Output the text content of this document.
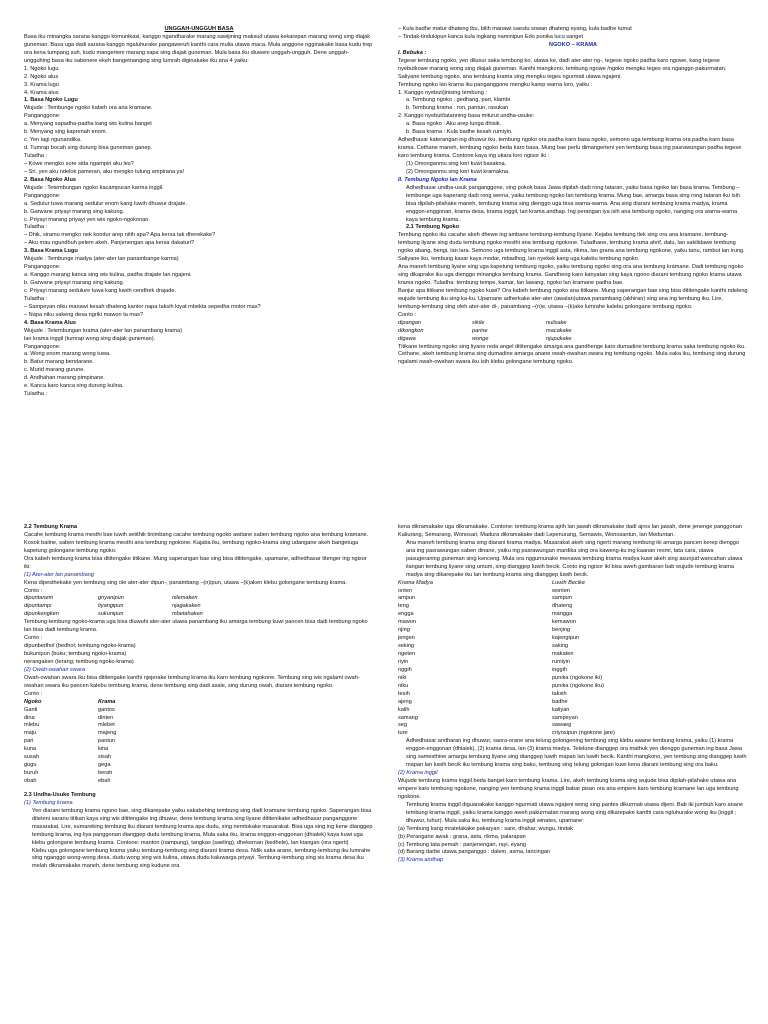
UNGGAH-UNGGUH BASA

Basa iku minangka sarana kanggo komunikasi, kanggo ngandharake marang sawijining maksud utawa kekarepan marang wong sing diajak guneman. Basa uga dadi sarana kanggo ngaluhurake pangaweruh kanthi cara mulia utawa maca. Mula anggone ngginakake basa kudu trep ora kena tumpang suh, kudu mangerteni marang sapa sing diajak guneman. Mula basa iku diuweni unggah-ungguh. Dene unggah-ungguhing basa iku sabenere ekeh bangetnanging sing lumrah diginakake iku ana 4 yaiku:

1. Ngoko lugu
2. Ngoko alus
3. Krama lugu
4. Krama alus
1. Basa Ngoko Lugu
Wujude : Tembunge ngoko kabeh ora ana kramane.
Panganggone:
a. Menyang sapadha-padha kang wis kulina banget
b. Menyang sing kaprenah enom.
c. Yen lagi ngunandika.
d. Tumrap bocah sing durung bisa guneman ganep.
Tuladha :
– Kowe mengko sore sida ngampiri aku les?
– Sri, yen aku ndelok pameran, aku mengko tulung ampirana ya!
2. Basa Ngoko Alus
Wujude : Tetembungan ngoko kacampuran karma inggil.
Panganggone:
a. Sedulur tuwa marang sedulur enom kang luwih dhuwur drajate.
b. Garwane priyayi marang sing kakung.
c. Priyayi marang priyayi yen wis ngoko-ngokonan.
Tuladha :
– Dhik, siramu mengko nek kondur arep nitih apa? Apa kersa tak dherekake?
– Aku mau ngundhuh pelem akeh, Panjenengan apa kersa dakaturi?
3. Basa Krama Lugu
Wujude : Tembunge madya (ater-ater lan panambange karma)
Panganggone:
a. Kanggo marang kanca sing wis kulina, padha drajate lan ngajeni.
b. Garwane priyayi marang sing kakung.
c. Priyayi marang sedulure tuwa kang luwih cendhek drajade.
Tuladha :
– Sampeyan niku manawi kesah dhateng kantor napa taksih kiyat mbekta sepedha motor mas?
– Napa niku sakeng desa ngriki mawon ta mas?
4. Basa Krama Alus
Wujude : Tetembungan krama (ater-ater lan panambang krama)
lan krama inggil (tumrap wong sing diajak guneman).
Panganggone:
a. Wong enom marang wong tuwa.
b. Batur marang bendarane.
c. Murid marang gurune.
d. Andhahan marang pimpinane.
e. Kanca karo kanca sing durung kulina.
Tuladha :
– Kula badhe matur dhateng ibu, bilih manawi saestu sowan dhateng eyang, kula badhe tumut
– Tindak-tindukipun kanca kula ingkang naminipun Edo punika lucu sanget
NGOKO – KRAMA
I. Bebuka :

Tegese tembung ngoko, yen dilusur saka tembung ko, utawa ke, dadi ater-ater ng-, tegese ngoko padha karo ngowe, kang tegese nyebutkowe marang wong sing diajak guneman. Kanthi mangkono, tembung ngowe /ngoko mengku teges ora nganggo pakurmatan.

Saliyane tembung ngoko, ana tembung krama sing mengku teges ngurmati utawa ngajeni.

Tembung ngoko lan krama iku panganggone mengku karep warna loro, yaiku :

1. Kanggo nyebut/jinising tembung :
a. Tembung ngoko : gedhang, pari, klambi
b. Tembung krama : ron, pantun, rasukan
2. Kanggo nyebut/tatanning basa miturut undha-usuke:
a. Basa ngoko : Aku arep lunga dhisik.
b. Basa krama : Kula badhe kesah rumiyin.

Adhedhasar katerangan ing dhuwur iku, tembung ngoko ora padha karo basa ngoko, semono uga tembung krama ora padha karo basa krama. Cethane maneh, tembung ngoko beda karo basa. Mung bae perlu dimangerteni yen tembung basa ing pasrawungan padha tegese karo tembung krama. Contone kaya ing ukara loro ngisor iki :

(1) Omonganmu sing keri kuwi basakna.
(2) Omonganmu sing keri kuwi kramakna.
II. Tembung Ngoko lan Krama

Adhedhasar undha-usuk panganggone, sing pokok basa Jawa dipilah dadi rong tataran, yaiku basa ngoko lan basa krama. Tembung – tembunge uga kaperang dadi rong werna, yaiku tembung ngoko lan tembung krama. Mung bae, amarga basa sing rong tataran iku isih bisa dipilah-pilahake maneh, tembung krama sing dienggo uga bisa warna-warna. Ana sing diarani tembung krama madya, krama enggon-enggonan, krama desa, krama inggil, lan krama andhap. Ing perangan iya isih ana tembung ngoko, nanging ora warna-warna kaya tembung krama .

2.1 Tembung Ngoko

Tembung ngoko iku cacahe akeh dhewe ing ambane tembung-tembung liyane. Kejaba tembung tlek sing ora ana kramane, tembung-tembung liyane sing dudu tembung ngoko mesthi ana tembung ngokone. Tuladhane, tembung krama ahrif, dalu, lan sakilidawe tembung ngoko abang, bengi, lan lara. Semono uga tembung krama inggil asta, rikma, lan grana ana tembung ngokone, yaiku tanu, rambut lan irung. Saliyane iku, tembung kasar kaya modar, mbadhog, lan nyekek kang uga kalebu tembung ngoko.

Ana maneh tembung liyane sing uga kapetung tembung ngoko, yaiku tembung ngoko sing ora ana tembung kramane. Dadi tembung ngoko sing dikaprake iku uga dienggo minangka tembung krama. Gandheng karo kanyatan sing kaya ngono diarani tembung ngoko krama utawa krama ngoko. Tuladha: tembung tempe, kamar, lan lawang, ngoko lan kramane padha bae.

Banjur apa titikane tembung ngoko kuwi? Ora kabeh tembung ngoko ana titikane. Mung saperangan bae sing bisa dititengake kanthi ndeleng wujude tembung iku sing ka-ku. Upamane adherkake ater-ater (awalan)utawa panambang (akhiran) sing ana ing tembung iku. Lire, tembung-tembung sing oleh ater-ater di-, panambang –(n)e, utawa –(k)ake lumrahe kalebu golongane tembung ngoko.

Conto :
dipangan	sikile	nulisake
dikongkon	parine	macakake
digawa	wonge	njupukake

Titikane tembung ngoko sing liyane reda angel dititengake amarga ana gandhenge karo dumadine tembung krama saka tembung ngoko iku. Cethane, akeh tembung krama sing dumadine amarga anane owah-owahan swara ing tembung ngoko. Mula saka iku, tembung sing durung ngalami owah-owahan swara iku isih klebu golongane tembung ngoko.

2.2 Tembung Krama

Cacahe tembung krama mesthi bae luwih setithik tinimbang cacahe tembung ngoko awitane saben tembung ngoko ana tembung kramane. Kosok baline, saben tembung krama mesthi ana tembung ngokone. Kajaba iku, tembung ngoko-krama sing udangane akeh bangetuga kapetung golongane tembung ngoko.

Ora kabeh tembung krama bisa dititengake titikane. Mung saperangan bae sing bisa dititengake, upamane, adhedhasar titenger ing ngisor iki:

(1) Ater-ater lan panambang

Kena dipesthekake yen tembung sing ole ater-ater dipun-, panambang –(n)ipun, utawa –(k)aken klebu golongane tembung krama.

Conto :
dipuntanem	griyanipun	nilemaken
dipuntampi	tiyangipun	njagakaken
dipunkengken	sukunipun	mbetahaken

Tembung-tembung ngoko-krama uga bisa diuwuhi ater-ater utawa panambang iku amarga tembung kuwi pancen bisa dadi tembung ngoko lan bisa dadi tembung krama.

Conto :
dipunbedhol (bedhol; tembung ngoko-krama)
bukunipun (buku; tembung ngoko-krama)
nerangaken (terang; tembung ngoko-krama)
(2) Owah-owahan swara

Owah-owahan swara iku bisa dititengake kanthi njejerake tembung krama iku karo tembung ngokone. Tembung sing wis ngalami owah-owahan swara iku pancen kalebu tembung krama, dene tembung sing dadi asale, sing durung owah, diarani tembung ngoko.

Conto :
Ngoko	Krama
Ganti	gantos
dina	dinten
mlebu	mlebet
maju	majeng
pari	pantun
kuna	kina
susah	sisah
gugu	gega
buruh	berah
obah	ebah
2.3 Undha-Usuke Tembung
(1) Tembung krama

Yen diarani tembung krama ngono bae, sing dikarepake yaiku sakabehing tembung sing dadi kramane tembung ngoko. Saperangan bisa diteteni saranu titikan kaya sing wis dititengake ing dhuwur, dene tembung krama sing liyane dititenikake adhedhasar panganggone masarakat. Lire, sumarebing tembung iku diarani tembung krama apa dudu, sing nemtokake masarakat. Bisa uga sing ing kene dianggep tembung krama, ing liya panggonan dianggep dudu tembung krama. Mula saka iku, krama enggon-enggonan (dhialek) kaya kuwi uga klebu golongane tembung krama. Contone: manton (nampung), tangkas (saeling), dhekeman (kedhele), lan kiangan (ora ngerti)

Klebu uga golongane tembung krama yaiku tembung-tembung sing diarani krama desa. Ndik saka arane, tembung-tembung iku lumrahe sing nganggo wong-wong desa, dudu wong sing wis kulina, utawa dudu kaluwarga priyayi. Tembung-tembung sing sis krama desa iku melah dikramakake maneh, dene tembung sing kudune ora

kena dikramakake uga dikramakake. Contone: tembung krama ajrih lan jawah dikramakake dadi ajros lan jawah, dene jenenge panggonan Kaliurang, Semarang, Wonosari, Madura dikramakake dadi Lepenurang, Semawis, Wonosantun, lan Meduntan.

Ana maneh tembung krama sing diarani krama madya. Masarakat akeh sing ngerti marang tembung iki amarga pancen kerep dienggo ana ing pasrawungan saben dinane, yaiku ing pasrawungan mardika sing ora kaweng-ku ing kaanan resmi, tata cara, utawa pasugeraning guneman sing kenceng. Mula ora nggumunake menawa tembung krama madya kuwi akeh sing asunjud wancahan utawa ilangan tembung liyane sing umum, sing dianggep luwih becik. Conto ing ngisor iki bisa aweh gambaran bab wujude tembung krama madya sing dikarepake iku lan tembung krama sing dianggep luwih becik.

Krama Madya	Luwih Becike
onten	wonten
ampun	sampun
teng	dhateng
engga	mangga
mawon	kemawon
njing	benjing
jengen	kajengipun
seking	saking
ngeten	makaten
riyin	rumiyin
nggih	inggih
niki	punika (ngokone iki)
niku	punika (ngokone iku)
tesih	taksih
ajeng	badhe
kalih	kaliyan
samang	sampeyan
seg	sawaeg
ture	criyosipun (ngokone jare)

Adhedhasar andharan ing dhuwur, saora-orane ana telung golongening tembung sing klebu awane tembung krama, yaiku (1) krama enggon-enggonan (dhialek), (2) krama desa, lan (3) krama madya. Tetelune dianggep ora mathuk yen dienggo guneman ing basa Jawa sing samesthine amarga tembung liyane sing dianggep luwih mapan lan luwih becik. Kanthi mangkono, yen tembung sing dianggep luwih mapan lan luwih becik iku tembung krama sing baku, tembung sing telung golongan kuwi kena diarani tembung sing ora baku.

(2) Krama inggil

Wujude tembung krama inggil beda banget karo tembung krama. Lire, akeh tembung krama sing wujude bisa dipilah-pilahake utawa ana empere karo tembung ngokone, nanging yen tembung krama inggil babar pisan ora ana empere karo tembung kramane lan uga tembung ngokone.

Tembung krama inggil diguanakake kanggo ngurmati utawa ngajeni wong sing pantes dikurmati utawa dijeni. Bab iki jumbuh karo anane tembung krama inggil, yaiku krama kanggo aweh pakurmatan marang wong sing dikarepake kanthi cara ngluhurake wong iku (inggil ; dhuwur, luhur). Mula saka iku, tembung krama inggil winates, upamane:

(a) Tembung kang mratelakake pakaryan : sare, dhahar, wungu, tindak
(b) Perangane awak : grana, asta, rikma, palarapan
(c) Tembung tata pemah : panjenengan, rayi, eyang
(d) Barang darbe utawa panganggo : dalem, asma, lancingan
(3) Krama andhap
